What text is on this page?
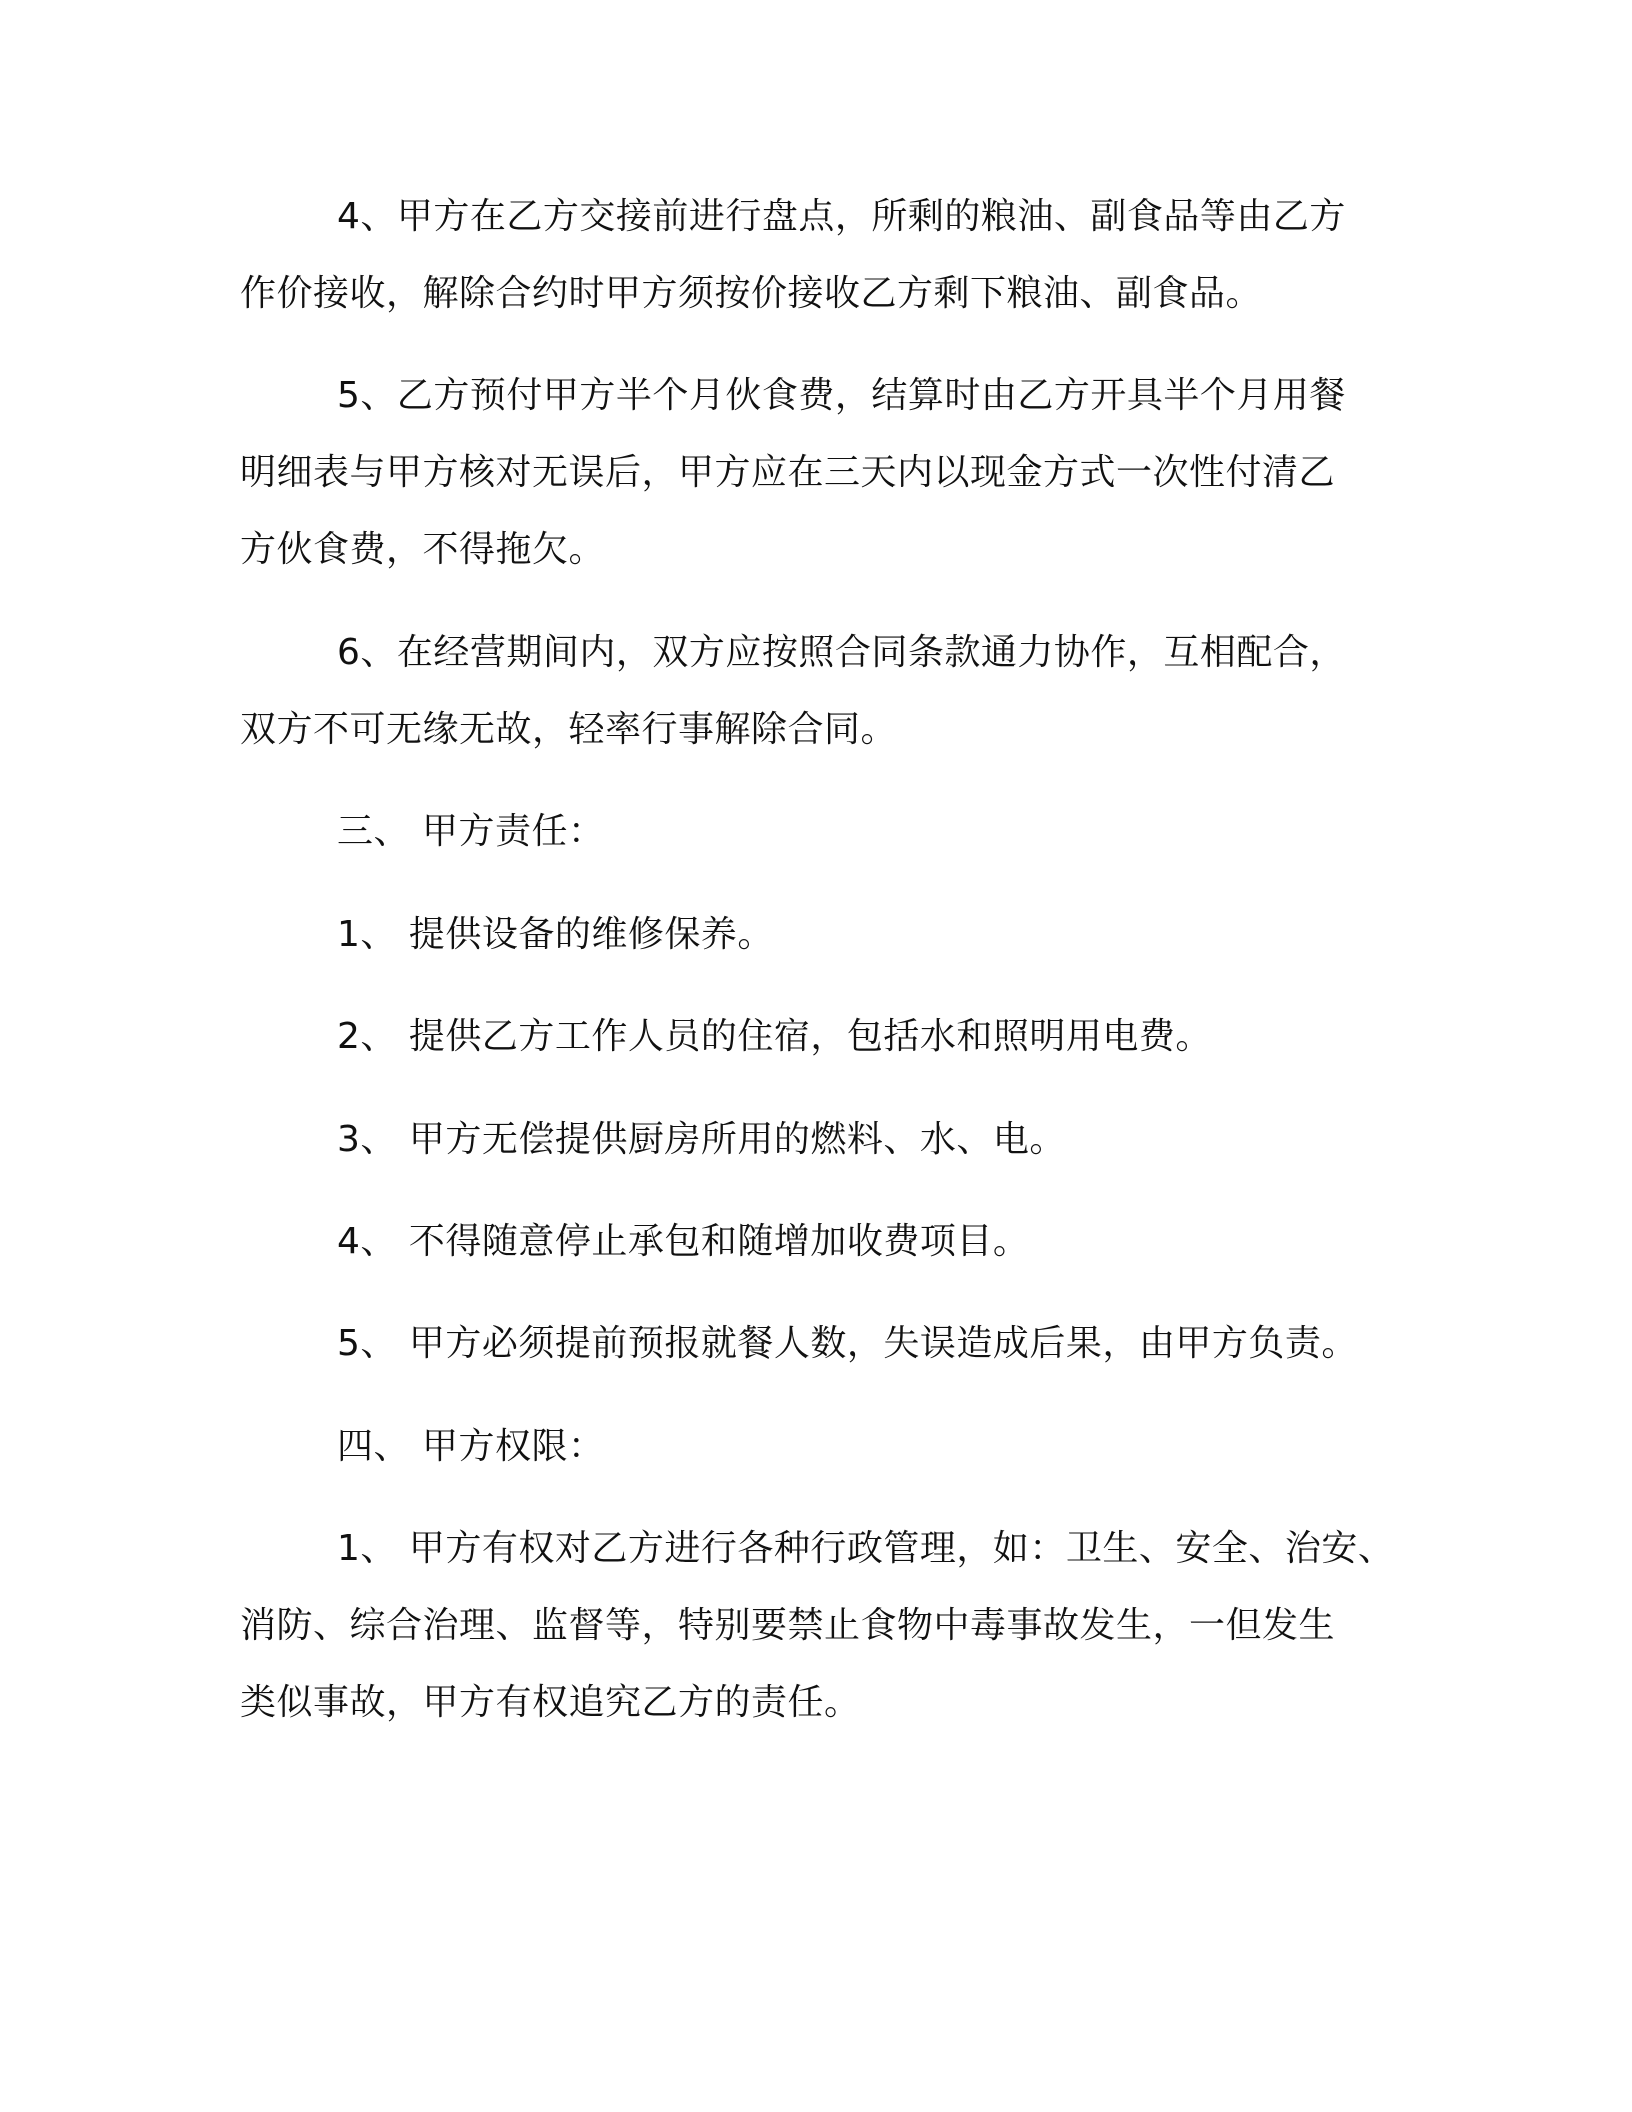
4、甲方在乙方交接前进行盘点，所剩的粮油、副食品等由乙方
作价接收，解除合约时甲方须按价接收乙方剩下粮油、副食品。
5、乙方预付甲方半个月伙食费，结算时由乙方开具半个月用餐
明细表与甲方核对无误后，甲方应在三天内以现金方式一次性付清乙
方伙食费，不得拖欠。
6、在经营期间内，双方应按照合同条款通力协作，互相配合，
双方不可无缘无故，轻率行事解除合同。
三、 甲方责任：
1、 提供设备的维修保养。
2、 提供乙方工作人员的住宿，包括水和照明用电费。
3、 甲方无偿提供厨房所用的燃料、水、电。
4、 不得随意停止承包和随增加收费项目。
5、 甲方必须提前预报就餐人数，失误造成后果，由甲方负责。
四、 甲方权限：
1、 甲方有权对乙方进行各种行政管理，如：卫生、安全、治安、
消防、综合治理、监督等，特别要禁止食物中毒事故发生，一但发生
类似事故，甲方有权追究乙方的责任。
